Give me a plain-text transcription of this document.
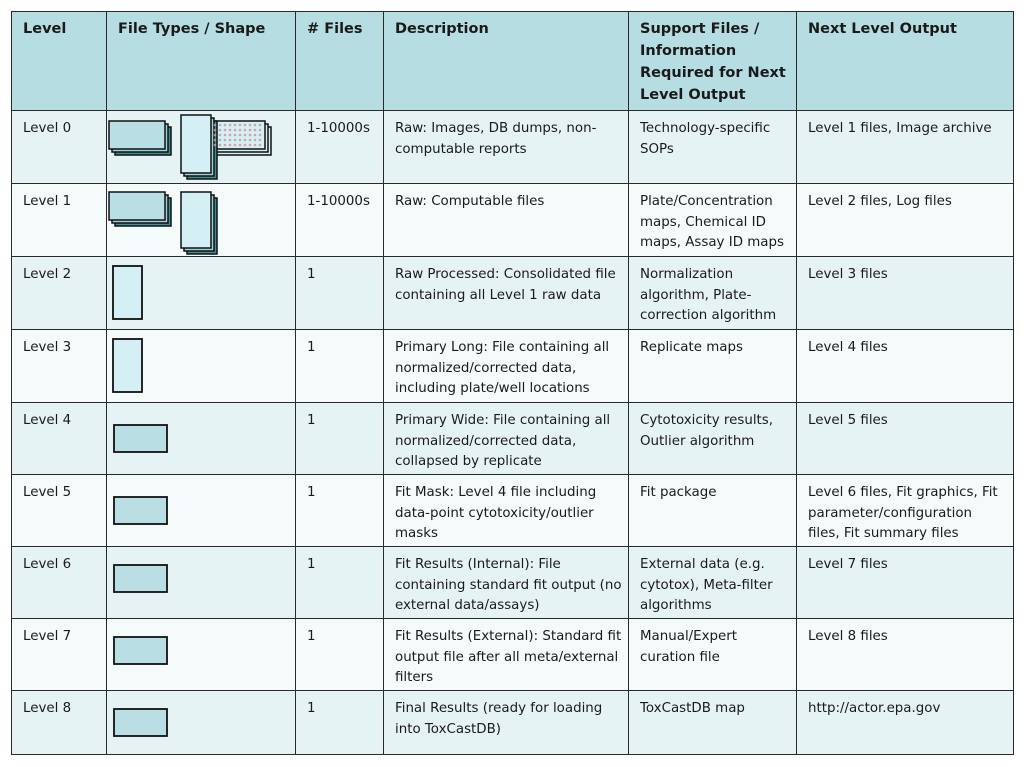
Level	File Types / Shape	# Files	Description	Support Files / Information Required for Next Level Output	Next Level Output
Level 0		1-10000s	Raw: Images, DB dumps, non-computable reports	Technology-specific SOPs	Level 1 files, Image archive
Level 1		1-10000s	Raw: Computable files	Plate/Concentration maps, Chemical ID maps, Assay ID maps	Level 2 files, Log files
Level 2		1	Raw Processed: Consolidated file containing all Level 1 raw data	Normalization algorithm, Plate-correction algorithm	Level 3 files
Level 3		1	Primary Long: File containing all normalized/corrected data, including plate/well locations	Replicate maps	Level 4 files
Level 4		1	Primary Wide: File containing all normalized/corrected data, collapsed by replicate	Cytotoxicity results, Outlier algorithm	Level 5 files
Level 5		1	Fit Mask: Level 4 file including data-point cytotoxicity/outlier masks	Fit package	Level 6 files, Fit graphics, Fit parameter/configuration files, Fit summary files
Level 6		1	Fit Results (Internal): File containing standard fit output (no external data/assays)	External data (e.g. cytotox), Meta-filter algorithms	Level 7 files
Level 7		1	Fit Results (External): Standard fit output file after all meta/external filters	Manual/Expert curation file	Level 8 files
Level 8		1	Final Results (ready for loading into ToxCastDB)	ToxCastDB map	http://actor.epa.gov
